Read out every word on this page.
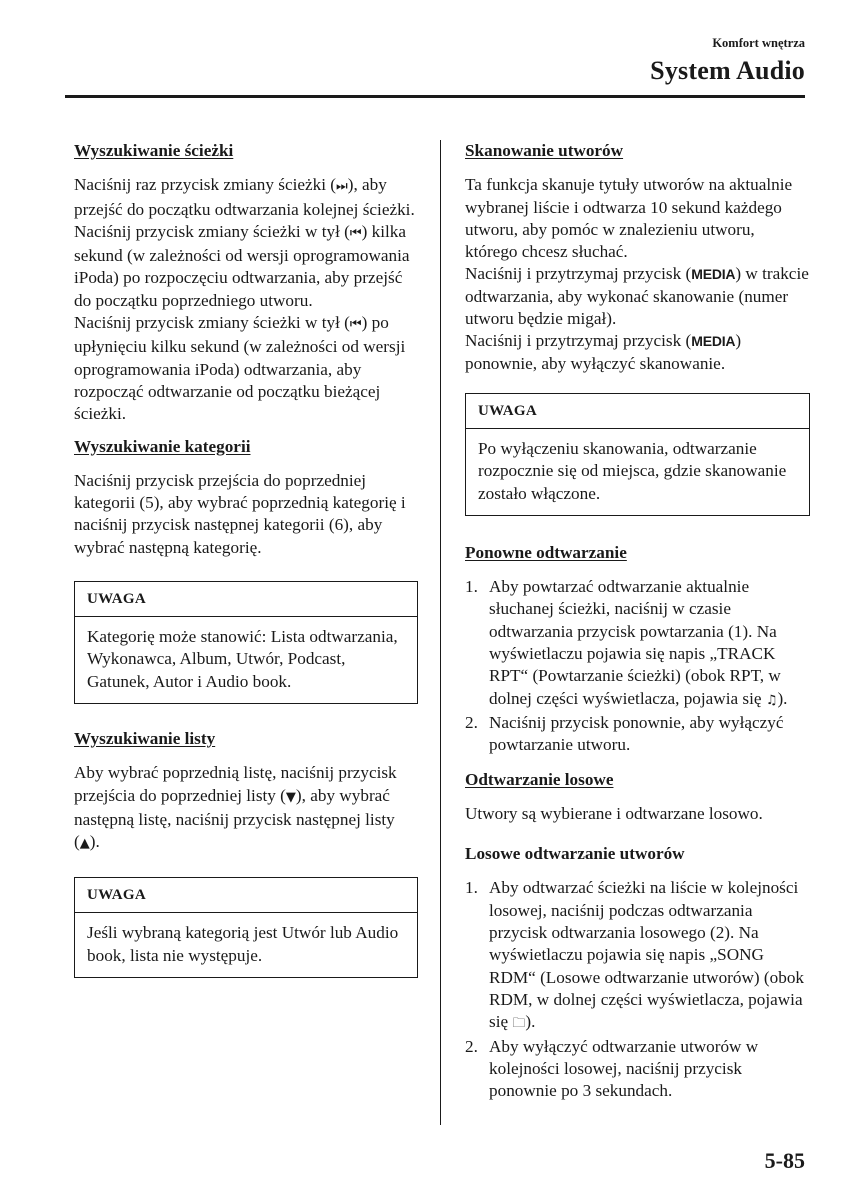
Komfort wnętrza
System Audio

Wyszukiwanie ścieżki

Naciśnij raz przycisk zmiany ścieżki (⏭), aby przejść do początku odtwarzania kolejnej ścieżki.

Naciśnij przycisk zmiany ścieżki w tył (⏮) kilka sekund (w zależności od wersji oprogramowania iPoda) po rozpoczęciu odtwarzania, aby przejść do początku poprzedniego utworu.

Naciśnij przycisk zmiany ścieżki w tył (⏮) po upłynięciu kilku sekund (w zależności od wersji oprogramowania iPoda) odtwarzania, aby rozpocząć odtwarzanie od początku bieżącej ścieżki.

Wyszukiwanie kategorii

Naciśnij przycisk przejścia do poprzedniej kategorii (5), aby wybrać poprzednią kategorię i naciśnij przycisk następnej kategorii (6), aby wybrać następną kategorię.

UWAGA
Kategorię może stanowić: Lista odtwarzania, Wykonawca, Album, Utwór, Podcast, Gatunek, Autor i Audio book.

Wyszukiwanie listy

Aby wybrać poprzednią listę, naciśnij przycisk przejścia do poprzedniej listy (▼), aby wybrać następną listę, naciśnij przycisk następnej listy (▲).

UWAGA
Jeśli wybraną kategorią jest Utwór lub Audio book, lista nie występuje.

Skanowanie utworów

Ta funkcja skanuje tytuły utworów na aktualnie wybranej liście i odtwarza 10 sekund każdego utworu, aby pomóc w znalezieniu utworu, którego chcesz słuchać.

Naciśnij i przytrzymaj przycisk (MEDIA) w trakcie odtwarzania, aby wykonać skanowanie (numer utworu będzie migał).

Naciśnij i przytrzymaj przycisk (MEDIA) ponownie, aby wyłączyć skanowanie.

UWAGA
Po wyłączeniu skanowania, odtwarzanie rozpocznie się od miejsca, gdzie skanowanie zostało włączone.

Ponowne odtwarzanie

1. Aby powtarzać odtwarzanie aktualnie słuchanej ścieżki, naciśnij w czasie odtwarzania przycisk powtarzania (1). Na wyświetlaczu pojawia się napis „TRACK RPT“ (Powtarzanie ścieżki) (obok RPT, w dolnej części wyświetlacza, pojawia się ♫).
2. Naciśnij przycisk ponownie, aby wyłączyć powtarzanie utworu.

Odtwarzanie losowe

Utwory są wybierane i odtwarzane losowo.

Losowe odtwarzanie utworów

1. Aby odtwarzać ścieżki na liście w kolejności losowej, naciśnij podczas odtwarzania przycisk odtwarzania losowego (2). Na wyświetlaczu pojawia się napis „SONG RDM“ (Losowe odtwarzanie utworów) (obok RDM, w dolnej części wyświetlacza, pojawia się 🗀).
2. Aby wyłączyć odtwarzanie utworów w kolejności losowej, naciśnij przycisk ponownie po 3 sekundach.
5-85
